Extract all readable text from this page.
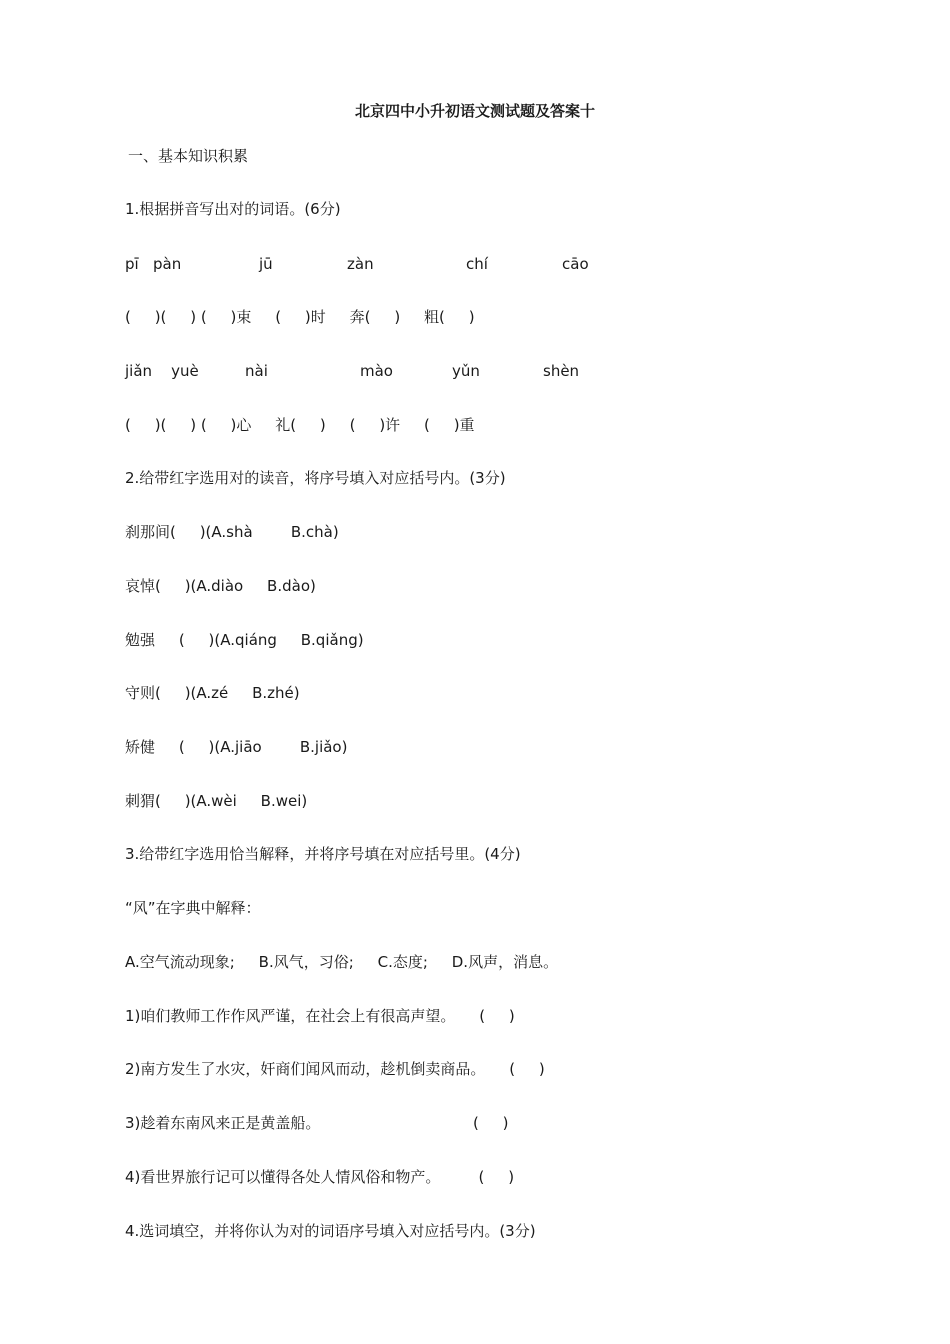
北京四中小升初语文测试题及答案十
一、基本知识积累
1.根据拼音写出对的词语。(6分)
pī   pàn	jū	zàn	chí	cāo
(     )(     ) (     )束     (     )时     奔(     )     粗(     )
jiǎn    yuè	nài	mào	yǔn	shèn
(     )(     ) (     )心     礼(     )     (     )许     (     )重
2.给带红字选用对的读音，将序号填入对应括号内。(3分)
刹那间(     )(A.shà        B.chà)
哀悼(     )(A.diào     B.dào)
勉强     (     )(A.qiáng     B.qiǎng)
守则(     )(A.zé     B.zhé)
矫健     (     )(A.jiāo        B.jiǎo)
刺猬(     )(A.wèi     B.wei)
3.给带红字选用恰当解释，并将序号填在对应括号里。(4分)
“风”在字典中解释：
A.空气流动现象;     B.风气，习俗;     C.态度;     D.风声，消息。
1)咱们教师工作作风严谨，在社会上有很高声望。     (     )
2)南方发生了水灾，奸商们闻风而动，趁机倒卖商品。     (     )
3)趁着东南风来正是黄盖船。                                (     )
4)看世界旅行记可以懂得各处人情风俗和物产。        (     )
4.选词填空，并将你认为对的词语序号填入对应括号内。(3分)
